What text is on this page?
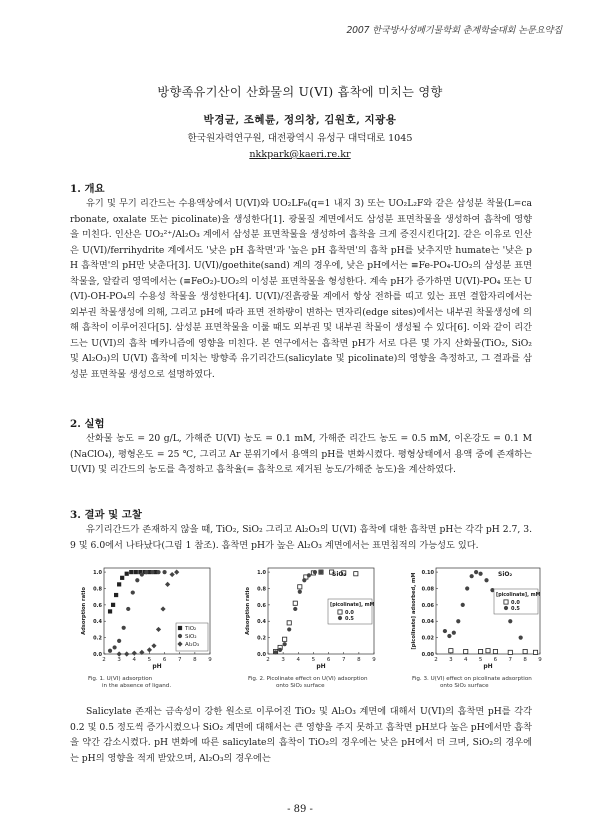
2007 한국방사성폐기물학회 춘계학술대회 논문요약집
방향족유기산이 산화물의 U(VI) 흡착에 미치는 영향
박경균, 조혜륜, 정의창, 김원호, 지광용
한국원자력연구원, 대전광역시 유성구 대덕대로 1045
nkkpark@kaeri.re.kr
1. 개요

유기 및 무기 리간드는 수용액상에서 U(VI)와 UO₂LF₆(q=1 내지 3) 또는 UO₂L₂F와 같은 삼성분 착물(L=carbonate, oxalate 또는 picolinate)을 생성한다[1]. 광물질 계면에서도 삼성분 표면착물을 생성하여 흡착에 영향을 미친다. 인산은 UO₂²⁺/Al₂O₃ 계에서 삼성분 표면착물을 생성하여 흡착을 크게 증진시킨다[2]. 같은 이유로 인산은 U(VI)/ferrihydrite 계에서도 '낮은 pH 흡착면'과 '높은 pH 흡착면'의 흡착 pH를 낮추지만 humate는 '낮은 pH 흡착면'의 pH만 낮춘다[3]. U(VI)/goethite(sand) 계의 경우에, 낮은 pH에서는 ≡Fe-PO₄-UO₂의 삼성분 표면착물을, 알칼리 영역에서는 (≡FeO₂)-UO₂의 이성분 표면착물을 형성한다. 계속 pH가 증가하면 U(VI)-PO₄ 또는 U(VI)-OH-PO₄의 수용성 착물을 생성한다[4]. U(VI)/진흙광물 계에서 항상 전하를 띠고 있는 표면 결합자리에서는 외부권 착물생성에 의해, 그리고 pH에 따라 표면 전하량이 변하는 면자리(edge sites)에서는 내부권 착물생성에 의해 흡착이 이루어진다[5]. 삼성분 표면착물을 이룰 때도 외부권 및 내부권 착물이 생성될 수 있다[6]. 이와 같이 리간드는 U(VI)의 흡착 메카니즘에 영향을 미친다. 본 연구에서는 흡착면 pH가 서로 다른 몇 가지 산화물(TiO₂, SiO₂ 및 Al₂O₃)의 U(VI) 흡착에 미치는 방향족 유기리간드(salicylate 및 picolinate)의 영향을 측정하고, 그 결과를 삼성분 표면착물 생성으로 설명하였다.

2. 실험

산화물 농도 = 20 g/L, 가해준 U(VI) 농도 = 0.1 mM, 가해준 리간드 농도 = 0.5 mM, 이온강도 = 0.1 M(NaClO₄), 평형온도 = 25 ℃, 그리고 Ar 분위기에서 용액의 pH를 변화시켰다. 평형상태에서 용액 중에 존재하는 U(VI) 및 리간드의 농도를 측정하고 흡착율(= 흡착으로 제거된 농도/가해준 농도)을 계산하였다.

3. 결과 및 고찰

유기리간드가 존재하지 않을 때, TiO₂, SiO₂ 그리고 Al₂O₃의 U(VI) 흡착에 대한 흡착면 pH는 각각 pH 2.7, 3.9 및 6.0에서 나타났다(그림 1 참조). 흡착면 pH가 높은 Al₂O₃ 계면에서는 표면침적의 가능성도 있다.

2 3 4 5 6 7 8 9
0.0
0.2
0.4
0.6
0.8
1.0
pH
Adsorption ratio	TiO₂
SiO₂
Al₂O₃
Fig. 1. U(VI) adsorption
in the absence of ligand.
2 3 4 5 6 7 8 9
0.0
0.2
0.4
0.6
0.8
1.0
pH
Adsorption ratio
SiO₂
[picolinate], mM
0.0
0.5
Fig. 2. Picolinate effect on U(VI) adsorption
onto SiO₂ surface
2 3 4 5 6 7 8 9
0.00
0.02
0.04
0.06
0.08
0.10
pH
[picolinate] adsorbed, mM	SiO₂
[picolinate], mM
0.0
0.5
Fig. 3. U(VI) effect on picolinate adsorption
onto SiO₂ surface

Salicylate 존재는 금속성이 강한 원소로 이루어진 TiO₂ 및 Al₂O₃ 계면에 대해서 U(VI)의 흡착면 pH를 각각 0.2 및 0.5 정도씩 증가시켰으나 SiO₂ 계면에 대해서는 큰 영향을 주지 못하고 흡착면 pH보다 높은 pH에서만 흡착을 약간 감소시켰다. pH 변화에 따른 salicylate의 흡착이 TiO₂의 경우에는 낮은 pH에서 더 크며, SiO₂의 경우에는 pH의 영향을 적게 받았으며, Al₂O₃의 경우에는

- 89 -
